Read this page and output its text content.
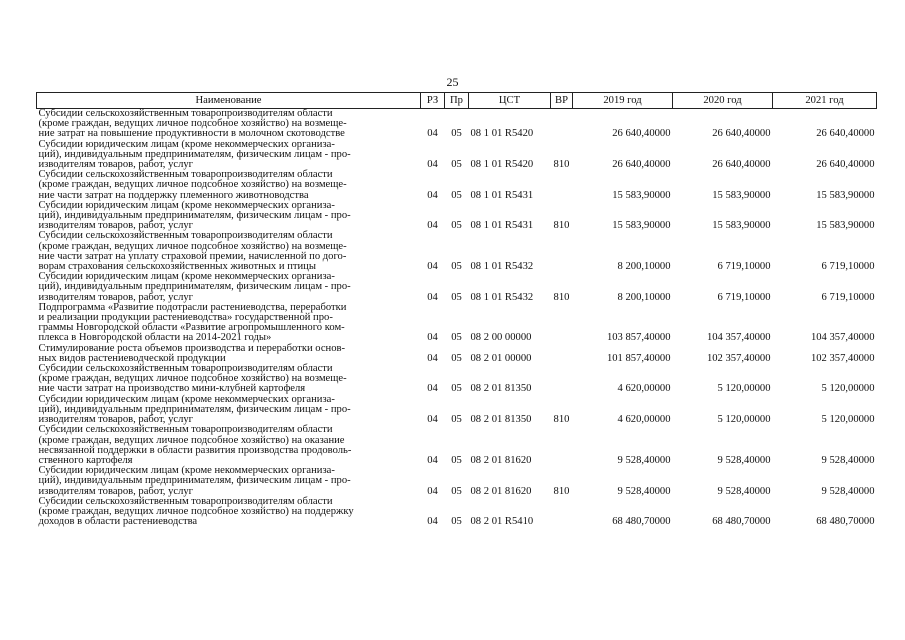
25
Наименование	РЗ	Пр	ЦСТ	ВР	2019 год	2020 год	2021 год

Субсидии сельскохозяйственным товаропроизводителям области
(кроме граждан, ведущих личное подсобное хозяйство) на возмеще-
ние затрат на повышение продуктивности в молочном скотоводстве	04	05	08 1 01 R5420		26 640,40000	26 640,40000	26 640,40000

Субсидии юридическим лицам (кроме некоммерческих организа-
ций), индивидуальным предпринимателям, физическим лицам - про-
изводителям товаров, работ, услуг	04	05	08 1 01 R5420	810	26 640,40000	26 640,40000	26 640,40000

Субсидии сельскохозяйственным товаропроизводителям области
(кроме граждан, ведущих личное подсобное хозяйство) на возмеще-
ние части затрат на поддержку племенного животноводства	04	05	08 1 01 R5431		15 583,90000	15 583,90000	15 583,90000

Субсидии юридическим лицам (кроме некоммерческих организа-
ций), индивидуальным предпринимателям, физическим лицам - про-
изводителям товаров, работ, услуг	04	05	08 1 01 R5431	810	15 583,90000	15 583,90000	15 583,90000

Субсидии сельскохозяйственным товаропроизводителям области
(кроме граждан, ведущих личное подсобное хозяйство) на возмеще-
ние части затрат на уплату страховой премии, начисленной по дого-
ворам страхования сельскохозяйственных животных и птицы	04	05	08 1 01 R5432		8 200,10000	6 719,10000	6 719,10000

Субсидии юридическим лицам (кроме некоммерческих организа-
ций), индивидуальным предпринимателям, физическим лицам - про-
изводителям товаров, работ, услуг	04	05	08 1 01 R5432	810	8 200,10000	6 719,10000	6 719,10000

Подпрограмма «Развитие подотрасли растениеводства, переработки
и реализации продукции растениеводства» государственной про-
граммы Новгородской области «Развитие агропромышленного ком-
плекса в Новгородской области на 2014-2021 годы»	04	05	08 2 00 00000		103 857,40000	104 357,40000	104 357,40000

Стимулирование роста объемов производства и переработки основ-
ных видов растениеводческой продукции	04	05	08 2 01 00000		101 857,40000	102 357,40000	102 357,40000

Субсидии сельскохозяйственным товаропроизводителям области
(кроме граждан, ведущих личное подсобное хозяйство) на возмеще-
ние части затрат на производство мини-клубней картофеля	04	05	08 2 01 81350		4 620,00000	5 120,00000	5 120,00000

Субсидии юридическим лицам (кроме некоммерческих организа-
ций), индивидуальным предпринимателям, физическим лицам - про-
изводителям товаров, работ, услуг	04	05	08 2 01 81350	810	4 620,00000	5 120,00000	5 120,00000

Субсидии сельскохозяйственным товаропроизводителям области
(кроме граждан, ведущих личное подсобное хозяйство) на оказание
несвязанной поддержки в области развития производства продоволь-
ственного картофеля	04	05	08 2 01 81620		9 528,40000	9 528,40000	9 528,40000

Субсидии юридическим лицам (кроме некоммерческих организа-
ций), индивидуальным предпринимателям, физическим лицам - про-
изводителям товаров, работ, услуг	04	05	08 2 01 81620	810	9 528,40000	9 528,40000	9 528,40000

Субсидии сельскохозяйственным товаропроизводителям области
(кроме граждан, ведущих личное подсобное хозяйство) на поддержку
доходов в области растениеводства	04	05	08 2 01 R5410		68 480,70000	68 480,70000	68 480,70000
